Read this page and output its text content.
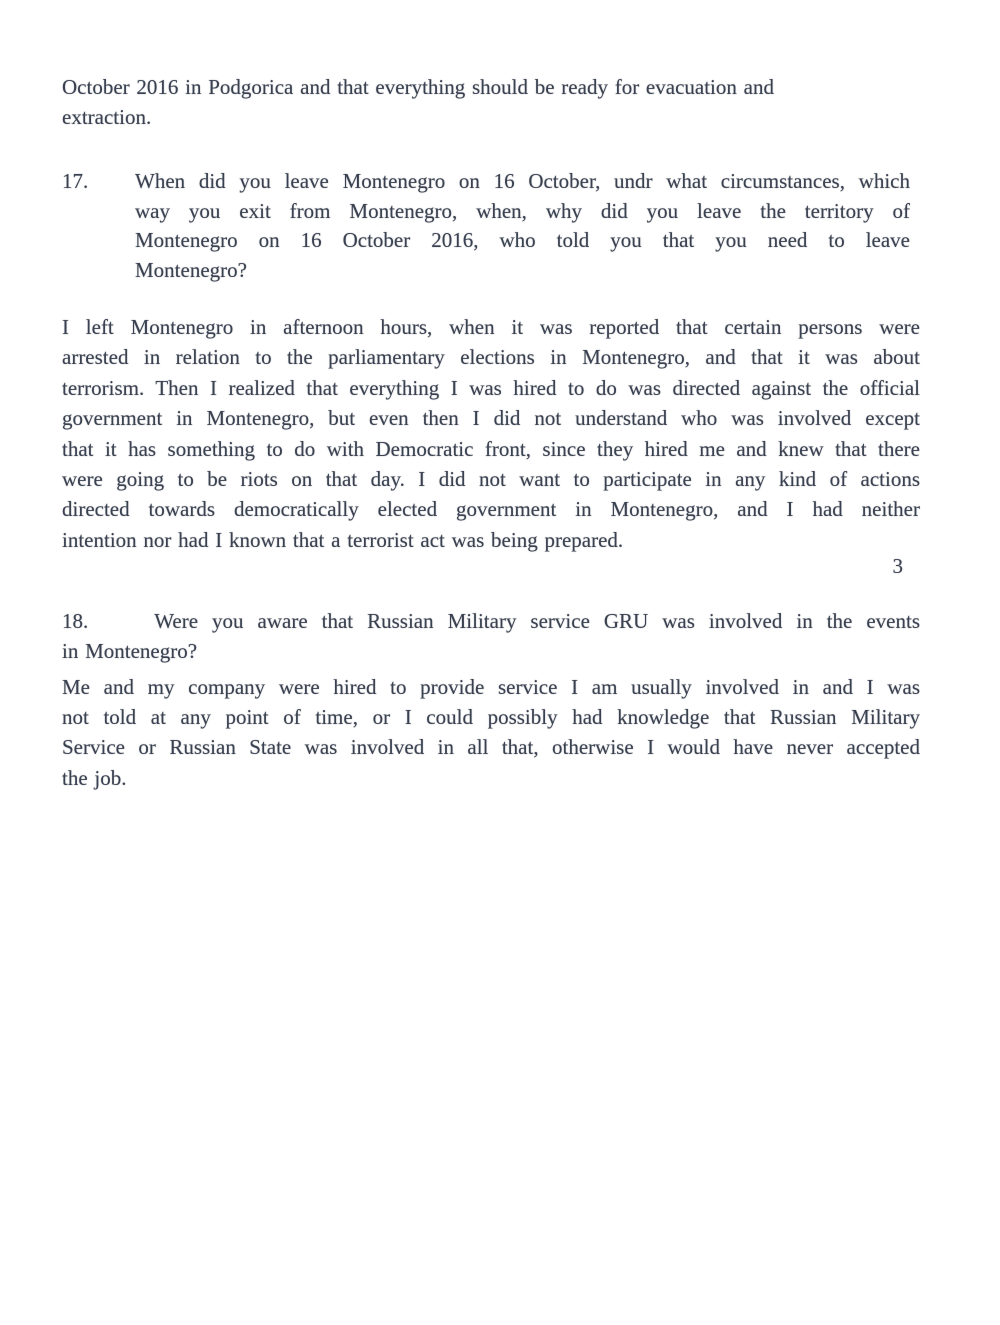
October 2016 in Podgorica and that everything should be ready for evacuation and
extraction.
17. When did you leave Montenegro on 16 October, undr what circumstances, which
way you exit from Montenegro, when, why did you leave the territory of
Montenegro on 16 October 2016, who told you that you need to leave
Montenegro?
I left Montenegro in afternoon hours, when it was reported that certain persons were
arrested in relation to the parliamentary elections in Montenegro, and that it was about
terrorism. Then I realized that everything I was hired to do was directed against the official
government in Montenegro, but even then I did not understand who was involved except
that it has something to do with Democratic front, since they hired me and knew that there
were going to be riots on that day. I did not want to participate in any kind of actions
directed towards democratically elected government in Montenegro, and I had neither
intention nor had I known that a terrorist act was being prepared.
3
18.	Were you aware that Russian Military service GRU was involved in the events
in Montenegro?
Me and my company were hired to provide service I am usually involved in and I was
not told at any point of time, or I could possibly had knowledge that Russian Military
Service or Russian State was involved in all that, otherwise I would have never accepted
the job.
